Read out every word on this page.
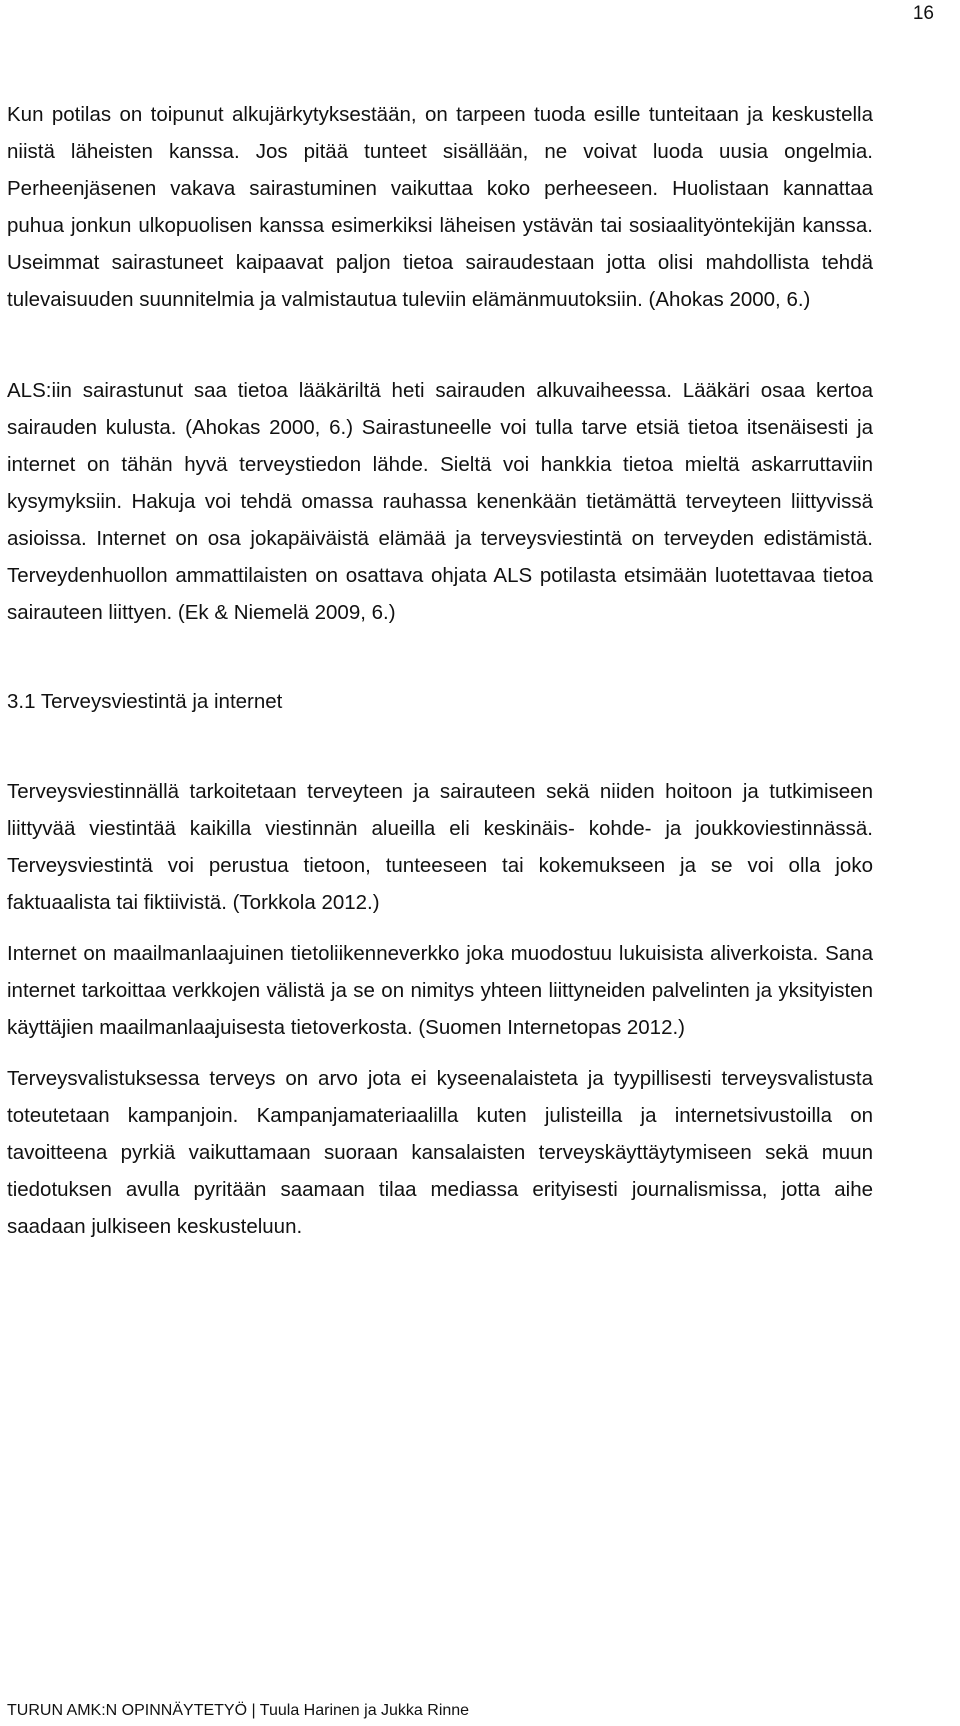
16

Kun potilas on toipunut alkujärkytyksestään, on tarpeen tuoda esille tunteitaan ja keskustella niistä läheisten kanssa. Jos pitää tunteet sisällään, ne voivat luoda uusia ongelmia. Perheenjäsenen vakava sairastuminen vaikuttaa koko perheeseen. Huolistaan kannattaa puhua jonkun ulkopuolisen kanssa esimerkiksi läheisen ystävän tai sosiaalityöntekijän kanssa. Useimmat sairastuneet kaipaavat paljon tietoa sairaudestaan jotta olisi mahdollista tehdä tulevaisuuden suunnitelmia ja valmistautua tuleviin elämänmuutoksiin. (Ahokas 2000, 6.)

ALS:iin sairastunut saa tietoa lääkäriltä heti sairauden alkuvaiheessa. Lääkäri osaa kertoa sairauden kulusta. (Ahokas 2000, 6.) Sairastuneelle voi tulla tarve etsiä tietoa itsenäisesti ja internet on tähän hyvä terveystiedon lähde. Sieltä voi hankkia tietoa mieltä askarruttaviin kysymyksiin. Hakuja voi tehdä omassa rauhassa kenenkään tietämättä terveyteen liittyvissä asioissa. Internet on osa jokapäiväistä elämää ja terveysviestintä on terveyden edistämistä. Terveydenhuollon ammattilaisten on osattava ohjata ALS potilasta etsimään luotettavaa tietoa sairauteen liittyen. (Ek & Niemelä 2009, 6.)

3.1 Terveysviestintä ja internet

Terveysviestinnällä tarkoitetaan terveyteen ja sairauteen sekä niiden hoitoon ja tutkimiseen liittyvää viestintää kaikilla viestinnän alueilla eli keskinäis- kohde- ja joukkoviestinnässä. Terveysviestintä voi perustua tietoon, tunteeseen tai kokemukseen ja se voi olla joko faktuaalista tai fiktiivistä. (Torkkola 2012.)

Internet on maailmanlaajuinen tietoliikenneverkko joka muodostuu lukuisista aliverkoista. Sana internet tarkoittaa verkkojen välistä ja se on nimitys yhteen liittyneiden palvelinten ja yksityisten käyttäjien maailmanlaajuisesta tietoverkosta. (Suomen Internetopas 2012.)

Terveysvalistuksessa terveys on arvo jota ei kyseenalaisteta ja tyypillisesti terveysvalistusta toteutetaan kampanjoin. Kampanjamateriaalilla kuten julisteilla ja internetsivustoilla on tavoitteena pyrkiä vaikuttamaan suoraan kansalaisten terveyskäyttäytymiseen sekä muun tiedotuksen avulla pyritään saamaan tilaa mediassa erityisesti journalismissa, jotta aihe saadaan julkiseen keskusteluun.

TURUN AMK:N OPINNÄYTETYÖ | Tuula Harinen ja Jukka Rinne
